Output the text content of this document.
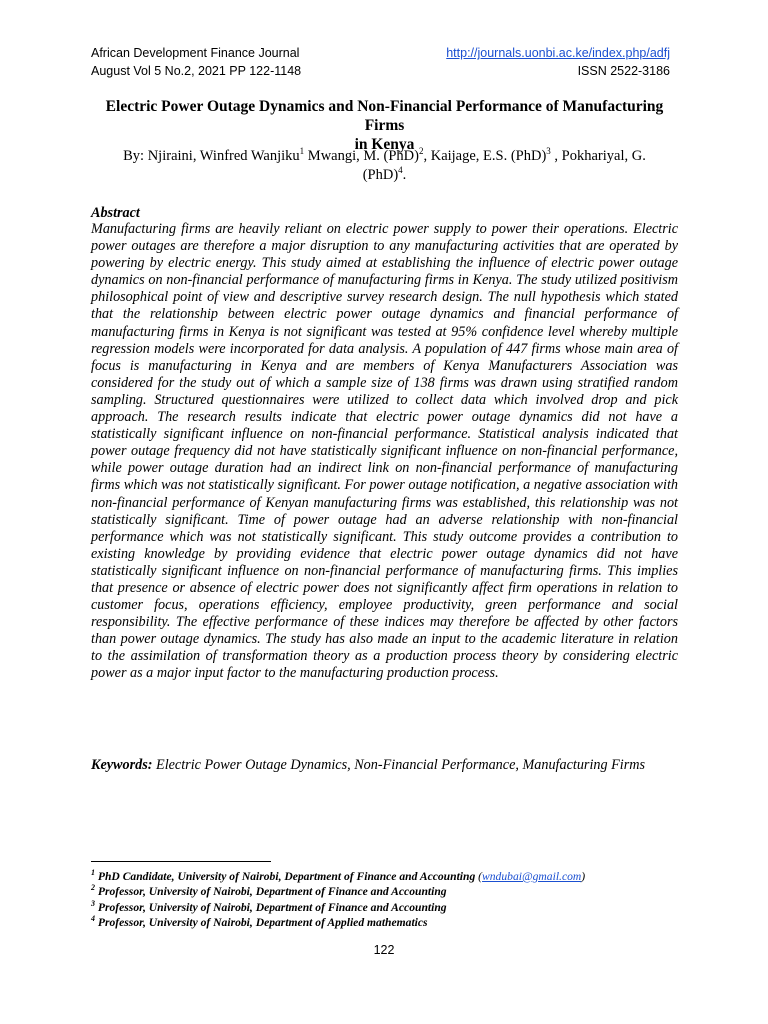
African Development Finance Journal
August Vol 5 No.2, 2021 PP 122-1148
http://journals.uonbi.ac.ke/index.php/adfj
ISSN 2522-3186
Electric Power Outage Dynamics and Non-Financial Performance of Manufacturing Firms
in Kenya
By: Njiraini, Winfred Wanjiku$^1$ Mwangi, M. (PhD)$^2$, Kaijage, E.S. (PhD)$^3$ , Pokhariyal, G.
(PhD)$^4$.
Abstract

Manufacturing firms are heavily reliant on electric power supply to power their operations. Electric power outages are therefore a major disruption to any manufacturing activities that are operated by powering by electric energy. This study aimed at establishing the influence of electric power outage dynamics on non-financial performance of manufacturing firms in Kenya. The study utilized positivism philosophical point of view and descriptive survey research design. The null hypothesis which stated that the relationship between electric power outage dynamics and financial performance of manufacturing firms in Kenya is not significant was tested at 95% confidence level whereby multiple regression models were incorporated for data analysis. A population of 447 firms whose main area of focus is manufacturing in Kenya and are members of Kenya Manufacturers Association was considered for the study out of which a sample size of 138 firms was drawn using stratified random sampling. Structured questionnaires were utilized to collect data which involved drop and pick approach. The research results indicate that electric power outage dynamics did not have a statistically significant influence on non-financial performance. Statistical analysis indicated that power outage frequency did not have statistically significant influence on non-financial performance, while power outage duration had an indirect link on non-financial performance of manufacturing firms which was not statistically significant. For power outage notification, a negative association with non-financial performance of Kenyan manufacturing firms was established, this relationship was not statistically significant. Time of power outage had an adverse relationship with non-financial performance which was not statistically significant. This study outcome provides a contribution to existing knowledge by providing evidence that electric power outage dynamics did not have statistically significant influence on non-financial performance of manufacturing firms. This implies that presence or absence of electric power does not significantly affect firm operations in relation to customer focus, operations efficiency, employee productivity, green performance and social responsibility. The effective performance of these indices may therefore be affected by other factors than power outage dynamics. The study has also made an input to the academic literature in relation to the assimilation of transformation theory as a production process theory by considering electric power as a major input factor to the manufacturing production process.

Keywords: Electric Power Outage Dynamics, Non-Financial Performance, Manufacturing Firms

$^1$ PhD Candidate, University of Nairobi, Department of Finance and Accounting (wndubai@gmail.com)
$^2$ Professor, University of Nairobi, Department of Finance and Accounting
$^3$ Professor, University of Nairobi, Department of Finance and Accounting
$^4$ Professor, University of Nairobi, Department of Applied mathematics
122
